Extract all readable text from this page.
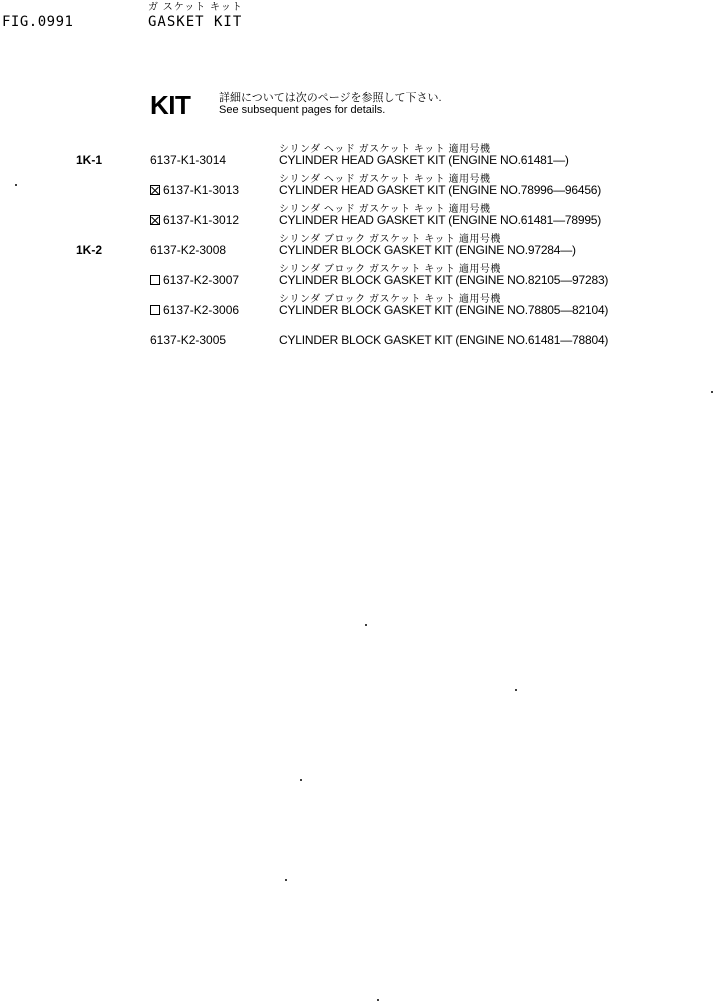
FIG.0991
ガ スケット キット
GASKET KIT
KIT	詳細については次のページを参照して下さい.
See subsequent pages for details.
1K-1
シリンダ ヘッド ガスケット キット 適用号機
6137-K1-3014	CYLINDER HEAD GASKET KIT (ENGINE NO.61481—)
シリンダ ヘッド ガスケット キット 適用号機
6137-K1-3013	CYLINDER HEAD GASKET KIT (ENGINE NO.78996—96456)
シリンダ ヘッド ガスケット キット 適用号機
6137-K1-3012	CYLINDER HEAD GASKET KIT (ENGINE NO.61481—78995)
1K-2
シリンダ ブロック ガスケット キット 適用号機
6137-K2-3008	CYLINDER BLOCK GASKET KIT (ENGINE NO.97284—)
シリンダ ブロック ガスケット キット 適用号機
6137-K2-3007	CYLINDER BLOCK GASKET KIT (ENGINE NO.82105—97283)
シリンダ ブロック ガスケット キット 適用号機
6137-K2-3006	CYLINDER BLOCK GASKET KIT (ENGINE NO.78805—82104)
6137-K2-3005	CYLINDER BLOCK GASKET KIT (ENGINE NO.61481—78804)
